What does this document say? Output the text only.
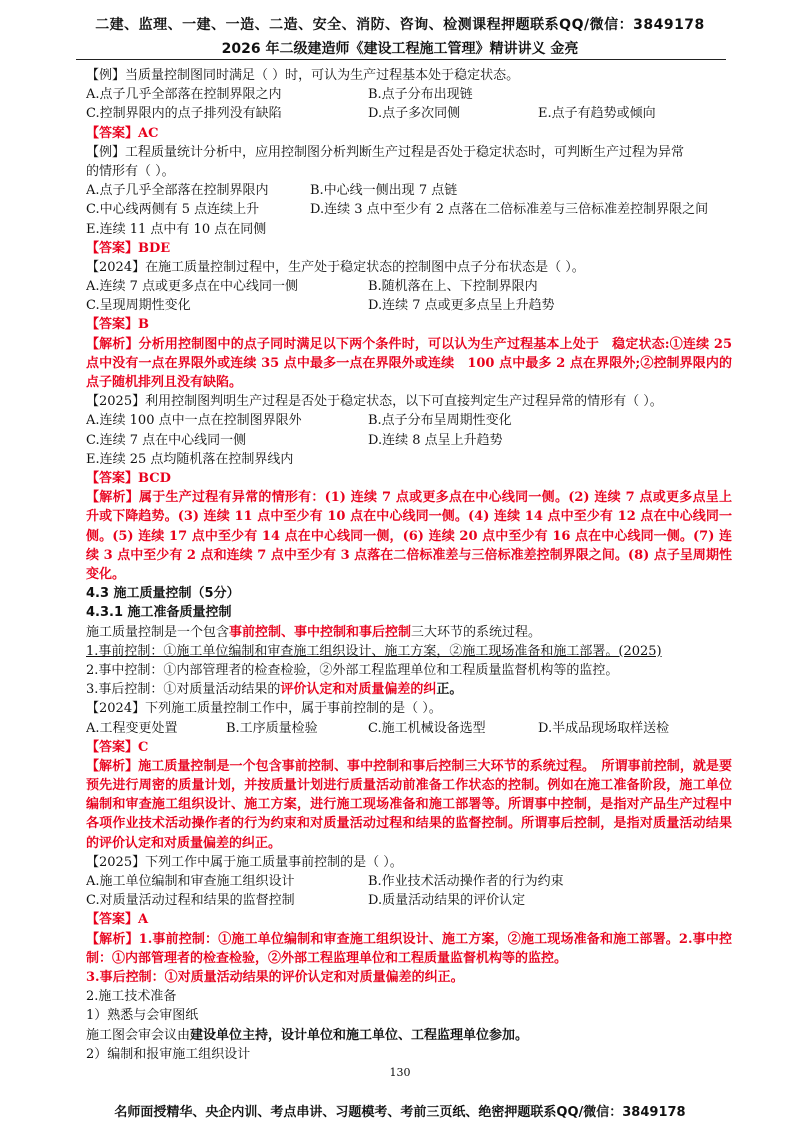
二建、监理、一建、一造、二造、安全、消防、咨询、检测课程押题联系QQ/微信：3849178
2026 年二级建造师《建设工程施工管理》精讲讲义 金亮
【例】当质量控制图同时满足（ ）时，可认为生产过程基本处于稳定状态。
A.点子几乎全部落在控制界限之内	B.点子分布出现链
C.控制界限内的点子排列没有缺陷	D.点子多次同侧	E.点子有趋势或倾向
【答案】AC
【例】工程质量统计分析中，应用控制图分析判断生产过程是否处于稳定状态时，可判断生产过程为异常
的情形有（ ）。
A.点子几乎全部落在控制界限内	B.中心线一侧出现 7 点链
C.中心线两侧有 5 点连续上升	D.连续 3 点中至少有 2 点落在二倍标准差与三倍标准差控制界限之间
E.连续 11 点中有 10 点在同侧
【答案】BDE
【2024】在施工质量控制过程中，生产处于稳定状态的控制图中点子分布状态是（ ）。
A.连续 7 点或更多点在中心线同一侧	B.随机落在上、下控制界限内
C.呈现周期性变化	D.连续 7 点或更多点呈上升趋势
【答案】B
【解析】分析用控制图中的点子同时满足以下两个条件时，可以认为生产过程基本上处于　稳定状态:①连续 25 点中没有一点在界限外或连续 35 点中最多一点在界限外或连续　100 点中最多 2 点在界限外;②控制界限内的点子随机排列且没有缺陷。
【2025】利用控制图判明生产过程是否处于稳定状态，以下可直接判定生产过程异常的情形有（ ）。
A.连续 100 点中一点在控制图界限外	B.点子分布呈周期性变化
C.连续 7 点在中心线同一侧	D.连续 8 点呈上升趋势
E.连续 25 点均随机落在控制界线内
【答案】BCD
【解析】属于生产过程有异常的情形有：(1) 连续 7 点或更多点在中心线同一侧。(2) 连续 7 点或更多点呈上升或下降趋势。(3) 连续 11 点中至少有 10 点在中心线同一侧。(4) 连续 14 点中至少有 12 点在中心线同一侧。(5) 连续 17 点中至少有 14 点在中心线同一侧，(6) 连续 20 点中至少有 16 点在中心线同一侧。(7) 连续 3 点中至少有 2 点和连续 7 点中至少有 3 点落在二倍标准差与三倍标准差控制界限之间。(8) 点子呈周期性变化。
4.3 施工质量控制（5分）
4.3.1 施工准备质量控制
施工质量控制是一个包含事前控制、事中控制和事后控制三大环节的系统过程。
1.事前控制：①施工单位编制和审查施工组织设计、施工方案，②施工现场准备和施工部署。(2025)
2.事中控制：①内部管理者的检查检验，②外部工程监理单位和工程质量监督机构等的监控。
3.事后控制：①对质量活动结果的评价认定和对质量偏差的纠正。
【2024】下列施工质量控制工作中，属于事前控制的是（ ）。
A.工程变更处置	B.工序质量检验	C.施工机械设备选型	D.半成品现场取样送检
【答案】C
【解析】施工质量控制是一个包含事前控制、事中控制和事后控制三大环节的系统过程。　所谓事前控制，就是要预先进行周密的质量计划，并按质量计划进行质量活动前准备工作状态的控制。例如在施工准备阶段，施工单位编制和审查施工组织设计、施工方案，进行施工现场准备和施工部署等。所谓事中控制，是指对产品生产过程中各项作业技术活动操作者的行为约束和对质量活动过程和结果的监督控制。所谓事后控制，是指对质量活动结果的评价认定和对质量偏差的纠正。
【2025】下列工作中属于施工质量事前控制的是（ ）。
A.施工单位编制和审查施工组织设计	B.作业技术活动操作者的行为约束
C.对质量活动过程和结果的监督控制	D.质量活动结果的评价认定
【答案】A
【解析】1.事前控制：①施工单位编制和审查施工组织设计、施工方案，②施工现场准备和施工部署。2.事中控制：①内部管理者的检查检验，②外部工程监理单位和工程质量监督机构等的监控。
3.事后控制：①对质量活动结果的评价认定和对质量偏差的纠正。
2.施工技术准备
1）熟悉与会审图纸
施工图会审会议由建设单位主持，设计单位和施工单位、工程监理单位参加。
2）编制和报审施工组织设计
130
名师面授精华、央企内训、考点串讲、习题模考、考前三页纸、绝密押题联系QQ/微信：3849178
